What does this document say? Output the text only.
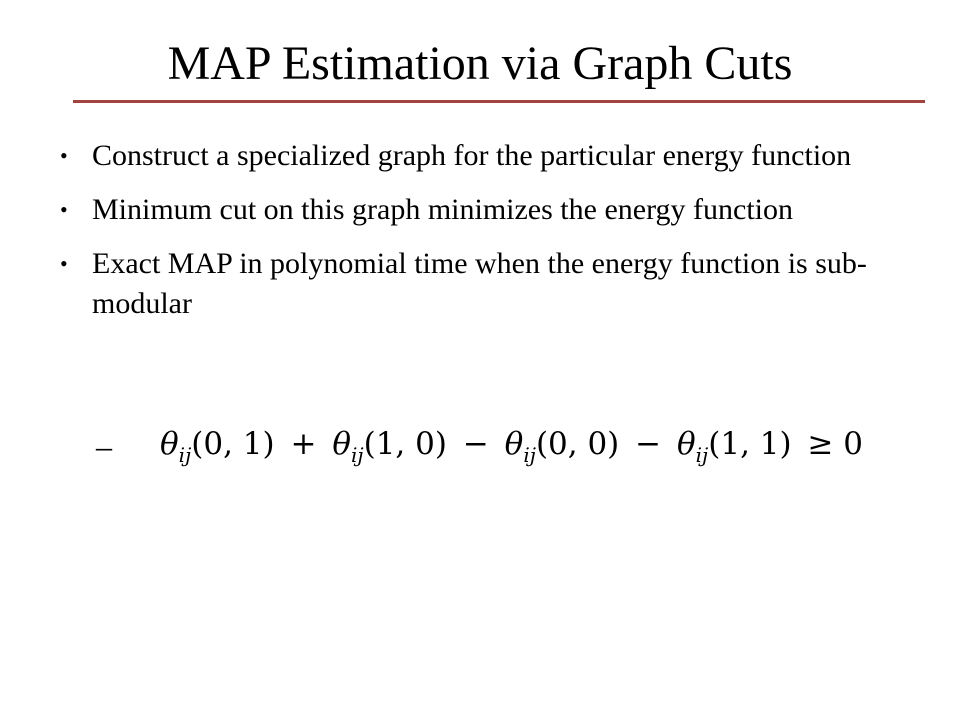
MAP Estimation via Graph Cuts
• Construct a specialized graph for the particular energy function
• Minimum cut on this graph minimizes the energy function
• Exact MAP in polynomial time when the energy function is sub-modular
– $\theta_{ij}(0$, $1) + \theta_{ij}(1$, $0) - \theta_{ij}(0$, $0) - \theta_{ij}(1$, 1) ≥ 0
